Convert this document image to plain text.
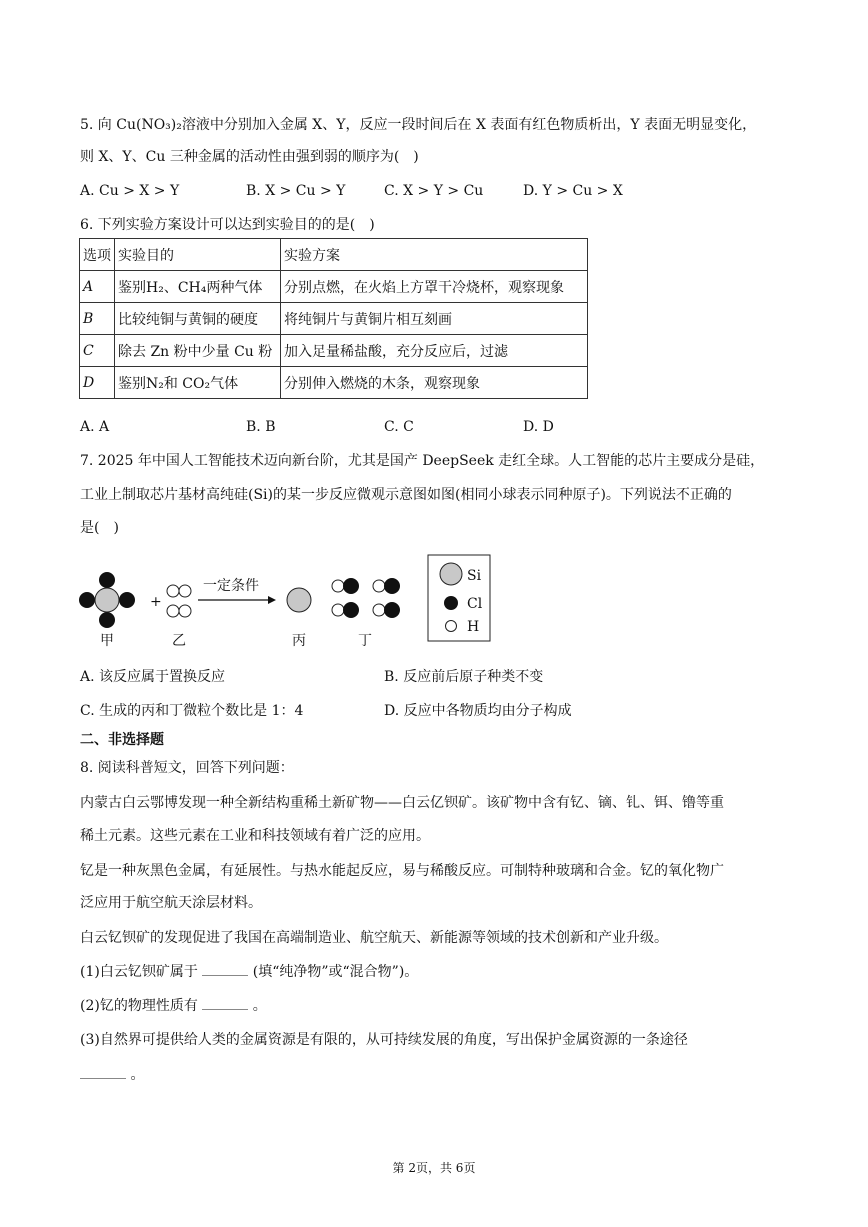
5. 向 Cu(NO₃)₂溶液中分别加入金属 X、Y，反应一段时间后在 X 表面有红色物质析出，Y 表面无明显变化，
则 X、Y、Cu 三种金属的活动性由强到弱的顺序为(　)
A. Cu > X > Y	B. X > Cu > Y	C. X > Y > Cu	D. Y > Cu > X
6. 下列实验方案设计可以达到实验目的的是(　)
选项	实验目的	实验方案
A	鉴别H₂、CH₄两种气体	分别点燃，在火焰上方罩干冷烧杯，观察现象
B	比较纯铜与黄铜的硬度	将纯铜片与黄铜片相互刻画
C	除去 Zn 粉中少量 Cu 粉	加入足量稀盐酸，充分反应后，过滤
D	鉴别N₂和 CO₂气体	分别伸入燃烧的木条，观察现象
A. A	B. B	C. C	D. D
7. 2025 年中国人工智能技术迈向新台阶，尤其是国产 DeepSeek 走红全球。人工智能的芯片主要成分是硅，
工业上制取芯片基材高纯硅(Si)的某一步反应微观示意图如图(相同小球表示同种原子)。下列说法不正确的
是(　)
+
一定条件
甲	乙	丙	丁
Si
Cl
H
A. 该反应属于置换反应	B. 反应前后原子种类不变
C. 生成的丙和丁微粒个数比是 1：4	D. 反应中各物质均由分子构成
二、非选择题
8. 阅读科普短文，回答下列问题：
内蒙古白云鄂博发现一种全新结构重稀土新矿物——白云亿钡矿。该矿物中含有钇、镝、钆、铒、镥等重
稀土元素。这些元素在工业和科技领域有着广泛的应用。
钇是一种灰黑色金属，有延展性。与热水能起反应，易与稀酸反应。可制特种玻璃和合金。钇的氧化物广
泛应用于航空航天涂层材料。
白云钇钡矿的发现促进了我国在高端制造业、航空航天、新能源等领域的技术创新和产业升级。
(1)白云钇钡矿属于	(填“纯净物”或“混合物”)。
(2)钇的物理性质有	。
(3)自然界可提供给人类的金属资源是有限的，从可持续发展的角度，写出保护金属资源的一条途径
。
第 2页，共 6页
